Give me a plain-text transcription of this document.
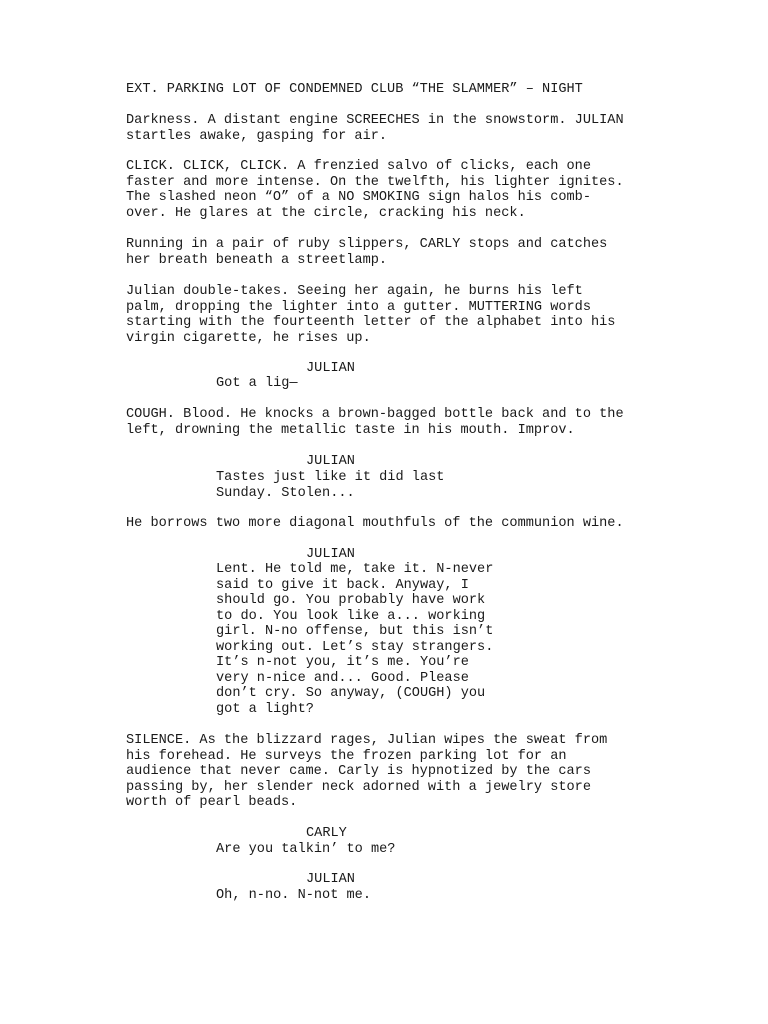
EXT. PARKING LOT OF CONDEMNED CLUB “THE SLAMMER” – NIGHT
Darkness. A distant engine SCREECHES in the snowstorm. JULIAN
startles awake, gasping for air.
CLICK. CLICK, CLICK. A frenzied salvo of clicks, each one
faster and more intense. On the twelfth, his lighter ignites.
The slashed neon “O” of a NO SMOKING sign halos his comb-
over. He glares at the circle, cracking his neck.
Running in a pair of ruby slippers, CARLY stops and catches
her breath beneath a streetlamp.
Julian double-takes. Seeing her again, he burns his left
palm, dropping the lighter into a gutter. MUTTERING words
starting with the fourteenth letter of the alphabet into his
virgin cigarette, he rises up.
JULIAN
Got a lig—
COUGH. Blood. He knocks a brown-bagged bottle back and to the
left, drowning the metallic taste in his mouth. Improv.
JULIAN
Tastes just like it did last
Sunday. Stolen...
He borrows two more diagonal mouthfuls of the communion wine.
JULIAN
Lent. He told me, take it. N-never
said to give it back. Anyway, I
should go. You probably have work
to do. You look like a... working
girl. N-no offense, but this isn’t
working out. Let’s stay strangers.
It’s n-not you, it’s me. You’re
very n-nice and... Good. Please
don’t cry. So anyway, (COUGH) you
got a light?
SILENCE. As the blizzard rages, Julian wipes the sweat from
his forehead. He surveys the frozen parking lot for an
audience that never came. Carly is hypnotized by the cars
passing by, her slender neck adorned with a jewelry store
worth of pearl beads.
CARLY
Are you talkin’ to me?
JULIAN
Oh, n-no. N-not me.
